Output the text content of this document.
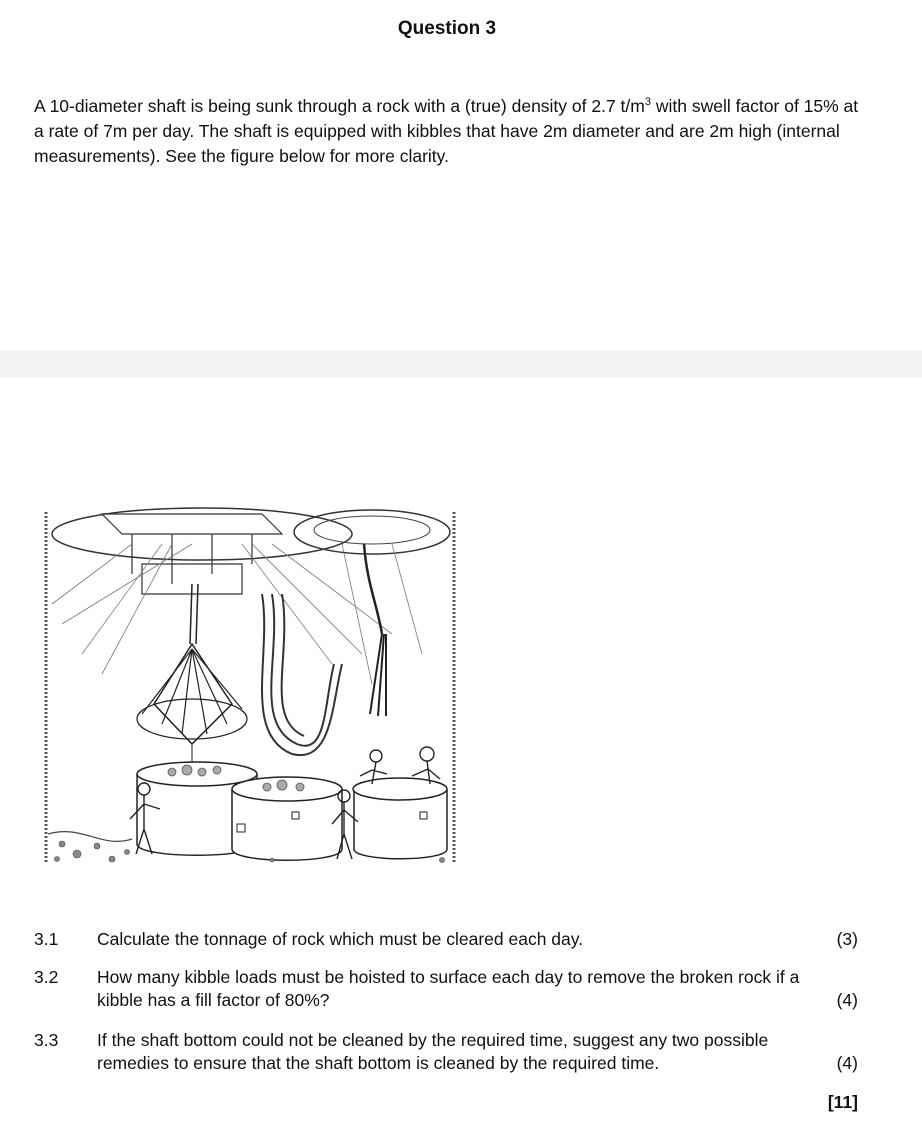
Question 3
A 10-diameter shaft is being sunk through a rock with a (true) density of 2.7 $t/m^3$ with swell factor of 15% at a rate of 7m per day. The shaft is equipped with kibbles that have 2m diameter and are 2m high (internal measurements). See the figure below for more clarity.
3.1 Calculate the tonnage of rock which must be cleared each day.	(3)
3.2 How many kibble loads must be hoisted to surface each day to remove the broken rock if a kibble has a fill factor of 80%?	(4)
3.3 If the shaft bottom could not be cleaned by the required time, suggest any two possible remedies to ensure that the shaft bottom is cleaned by the required time.	(4)
[11]
